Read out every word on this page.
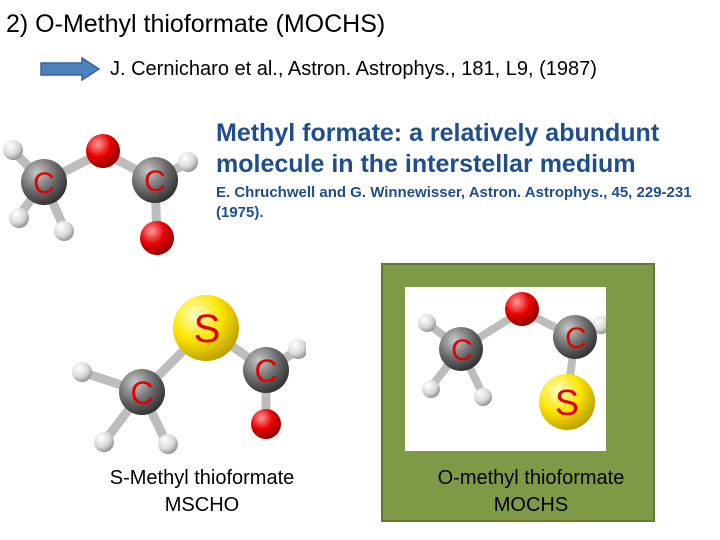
2) O-Methyl thioformate (MOCHS)
J. Cernicharo et al., Astron. Astrophys., 181, L9, (1987)
C	C
Methyl formate: a relatively abundunt molecule in the interstellar medium
E. Chruchwell and G. Winnewisser, Astron. Astrophys., 45, 229-231 (1975).
S
C
C
S-Methyl thioformate
MSCHO
C	C
S
O-methyl thioformate
MOCHS
